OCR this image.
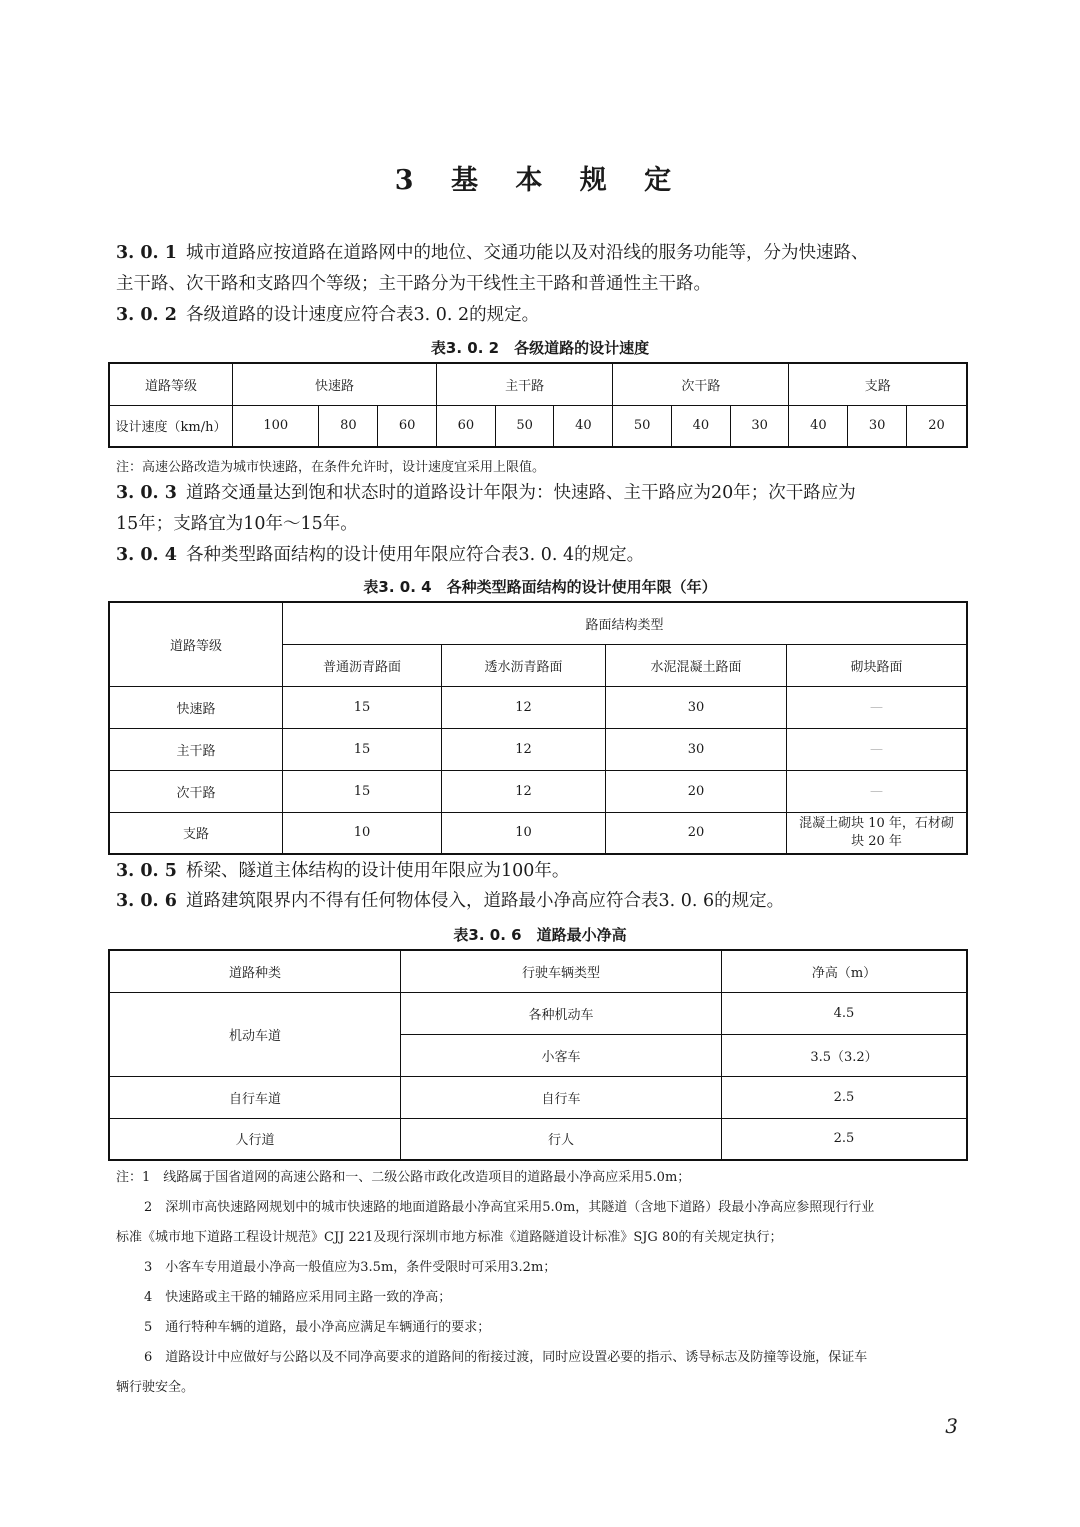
3 基 本 规 定
3. 0. 1 城市道路应按道路在道路网中的地位、交通功能以及对沿线的服务功能等，分为快速路、
主干路、次干路和支路四个等级；主干路分为干线性主干路和普通性主干路。
3. 0. 2 各级道路的设计速度应符合表3. 0. 2的规定。
表3. 0. 2　各级道路的设计速度
道路等级	快速路			主干路			次干路			支路		
设计速度（km/h）	100	80	60	60	50	40	50	40	30	40	30	20
注：高速公路改造为城市快速路，在条件允许时，设计速度宜采用上限值。
3. 0. 3 道路交通量达到饱和状态时的道路设计年限为：快速路、主干路应为20年；次干路应为
15年；支路宜为10年～15年。
3. 0. 4 各种类型路面结构的设计使用年限应符合表3. 0. 4的规定。
表3. 0. 4　各种类型路面结构的设计使用年限（年）
道路等级	路面结构类型			
	普通沥青路面	透水沥青路面	水泥混凝土路面	砌块路面
快速路	15	12	30	—
主干路	15	12	30	—
次干路	15	12	20	—
支路	10	10	20	混凝土砌块 10 年，石材砌块 20 年
3. 0. 5 桥梁、隧道主体结构的设计使用年限应为100年。
3. 0. 6 道路建筑限界内不得有任何物体侵入，道路最小净高应符合表3. 0. 6的规定。
表3. 0. 6　道路最小净高
道路种类	行驶车辆类型	净高（m）
机动车道	各种机动车	4.5
	小客车	3.5（3.2）
自行车道	自行车	2.5
人行道	行人	2.5
注：1　线路属于国省道网的高速公路和一、二级公路市政化改造项目的道路最小净高应采用5.0m；
2　深圳市高快速路网规划中的城市快速路的地面道路最小净高宜采用5.0m，其隧道（含地下道路）段最小净高应参照现行行业
标准《城市地下道路工程设计规范》CJJ 221及现行深圳市地方标准《道路隧道设计标准》SJG 80的有关规定执行；
3　小客车专用道最小净高一般值应为3.5m，条件受限时可采用3.2m；
4　快速路或主干路的辅路应采用同主路一致的净高；
5　通行特种车辆的道路，最小净高应满足车辆通行的要求；
6　道路设计中应做好与公路以及不同净高要求的道路间的衔接过渡，同时应设置必要的指示、诱导标志及防撞等设施，保证车
辆行驶安全。
3
